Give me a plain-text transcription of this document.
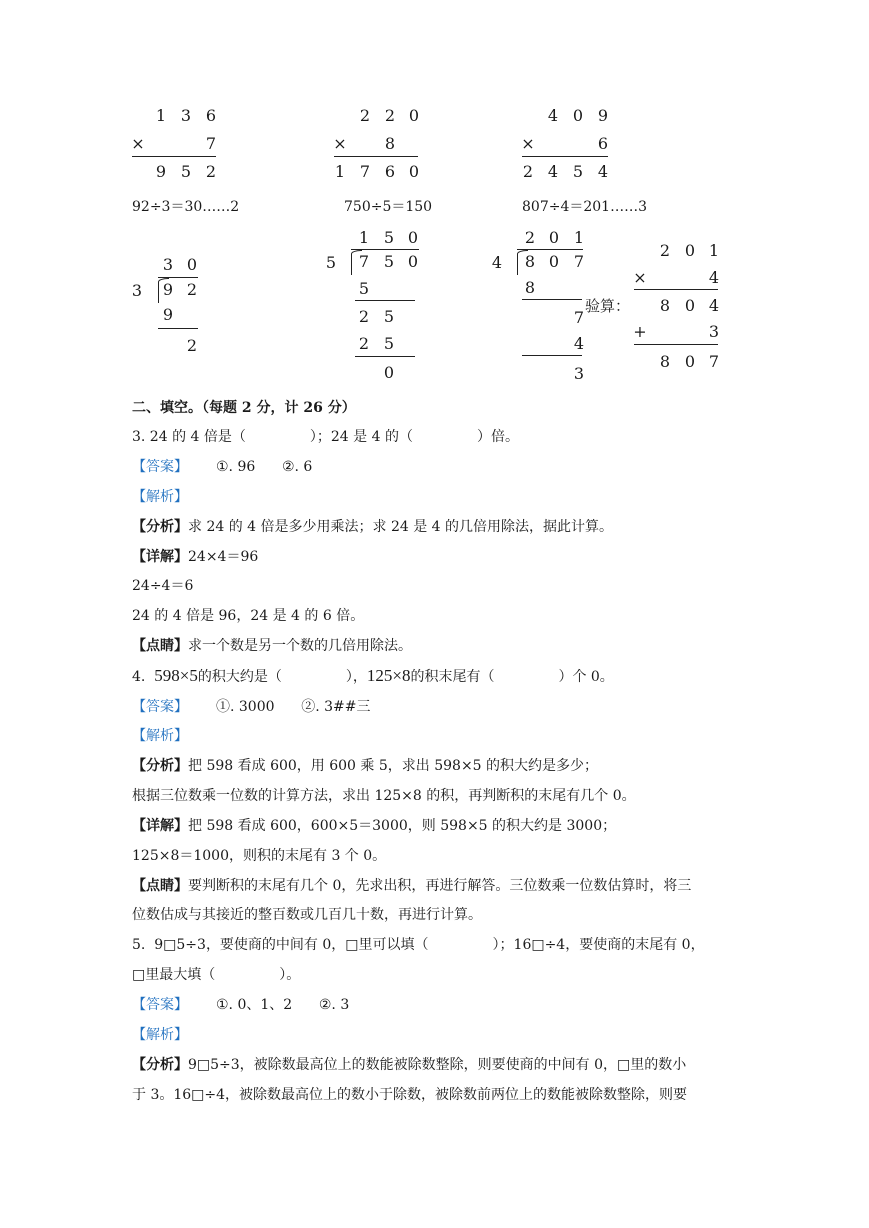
1 3 6
×	7
9 5 2
2 2 0
× 8
1 7 6 0
4 0 9
×	6
2 4 5 4
92÷3＝30……2	750÷5＝150	807÷4＝201……3
3 0
3 9 2
9
2
1 5 0
5 7 5 0
5
2 5
2 5
0
2 0 1
4 8 0 7
8
7
4
3
验算：
2 0 1
×	4
8 0 4
+	3
8 0 7
二、填空。（每题 2 分，计 26 分）
3. 24 的 4 倍是（	）；24 是 4 的（	）倍。
【答案】 ①. 96      ②. 6
【解析】
【分析】求 24 的 4 倍是多少用乘法；求 24 是 4 的几倍用除法，据此计算。
【详解】24×4＝96
24÷4＝6
24 的 4 倍是 96，24 是 4 的 6 倍。
【点睛】求一个数是另一个数的几倍用除法。
4.  598×5的积大约是（	），125×8的积末尾有（	）个 0。
【答案】 ①. 3000      ②. 3##三
【解析】
【分析】把 598 看成 600，用 600 乘 5，求出 598×5 的积大约是多少；
根据三位数乘一位数的计算方法，求出 125×8 的积，再判断积的末尾有几个 0。
【详解】把 598 看成 600，600×5＝3000，则 598×5 的积大约是 3000；
125×8＝1000，则积的末尾有 3 个 0。
【点睛】要判断积的末尾有几个 0，先求出积，再进行解答。三位数乘一位数估算时，将三
位数估成与其接近的整百数或几百几十数，再进行计算。
5.  9□5÷3，要使商的中间有 0，□里可以填（	）；16□÷4，要使商的末尾有 0，
□里最大填（	）。
【答案】 ①. 0、1、2      ②. 3
【解析】
【分析】9□5÷3，被除数最高位上的数能被除数整除，则要使商的中间有 0，□里的数小
于 3。16□÷4，被除数最高位上的数小于除数，被除数前两位上的数能被除数整除，则要
